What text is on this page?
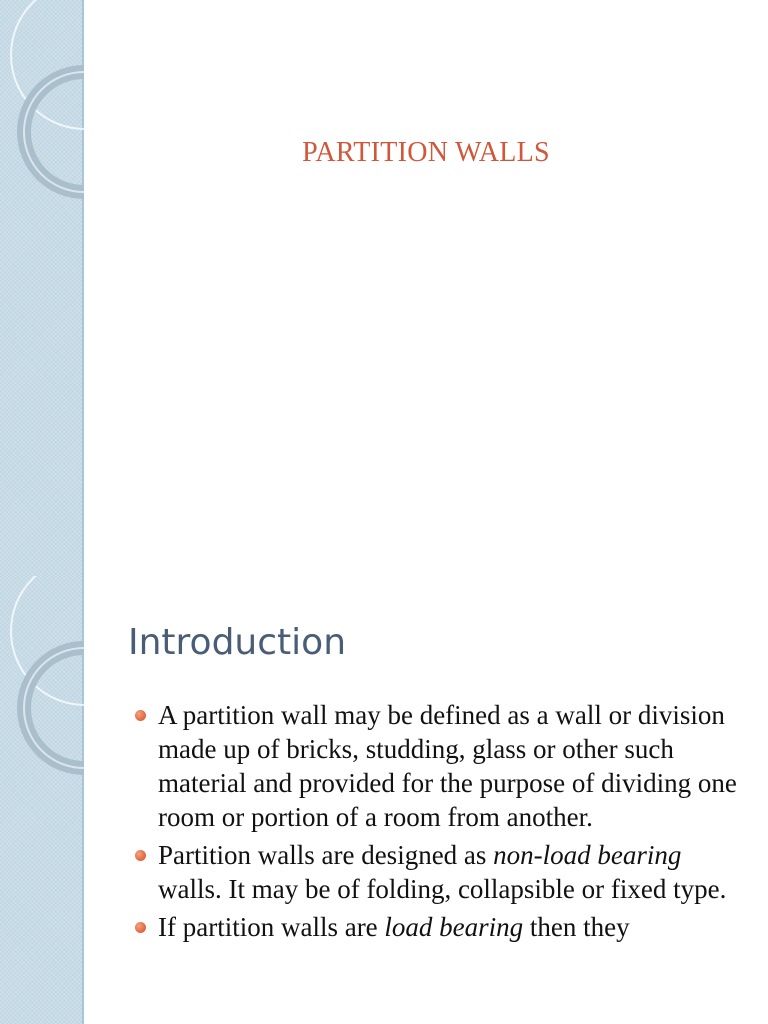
PARTITION WALLS
Introduction
A partition wall may be defined as a wall or division made up of bricks, studding, glass or other such material and provided for the purpose of dividing one room or portion of a room from another.
Partition walls are designed as non-load bearing walls. It may be of folding, collapsible or fixed type.
If partition walls are load bearing then they
